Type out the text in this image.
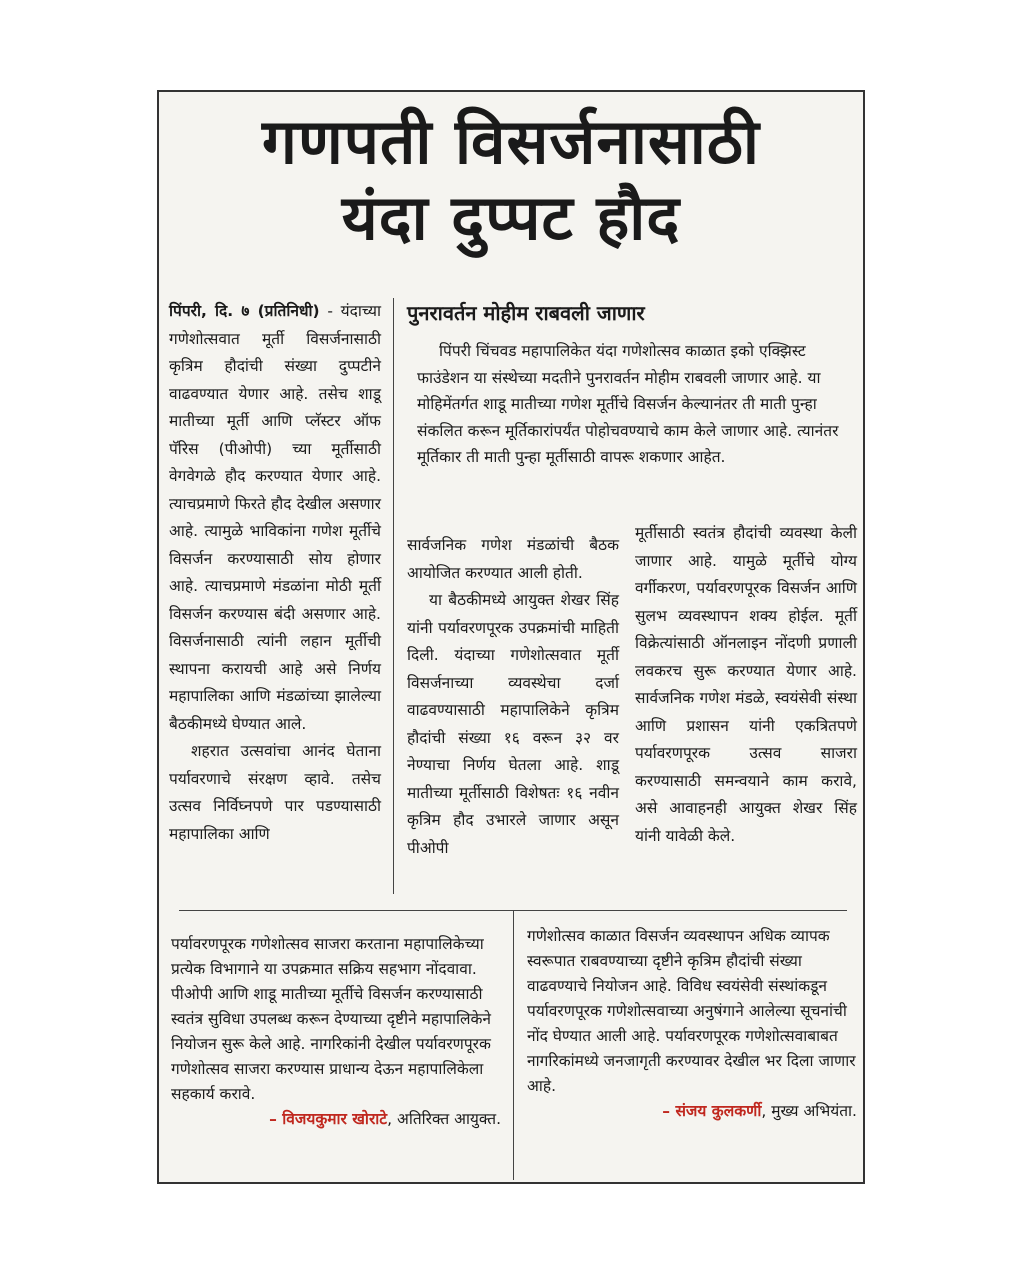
गणपती विसर्जनासाठी
यंदा दुप्पट हौद

पिंपरी, दि. ७ (प्रतिनिधी) - यंदाच्या गणेशोत्सवात मूर्ती विसर्जनासाठी कृत्रिम हौदांची संख्या दुप्पटीने वाढवण्यात येणार आहे. तसेच शाडू मातीच्या मूर्ती आणि प्लॅस्टर ऑफ पॅरिस (पीओपी) च्या मूर्तीसाठी वेगवेगळे हौद करण्यात येणार आहे. त्याचप्रमाणे फिरते हौद देखील असणार आहे. त्यामुळे भाविकांना गणेश मूर्तीचे विसर्जन करण्यासाठी सोय होणार आहे. त्याचप्रमाणे मंडळांना मोठी मूर्ती विसर्जन करण्यास बंदी असणार आहे. विसर्जनासाठी त्यांनी लहान मूर्तीची स्थापना करायची आहे असे निर्णय महापालिका आणि मंडळांच्या झालेल्या बैठकीमध्ये घेण्यात आले.

शहरात उत्सवांचा आनंद घेताना पर्यावरणाचे संरक्षण व्हावे. तसेच उत्सव निर्विघ्नपणे पार पडण्यासाठी महापालिका आणि

पुनरावर्तन मोहीम राबवली जाणार
पिंपरी चिंचवड महापालिकेत यंदा गणेशोत्सव काळात इको एक्झिस्ट फाउंडेशन या संस्थेच्या मदतीने पुनरावर्तन मोहीम राबवली जाणार आहे. या मोहिमेंतर्गत शाडू मातीच्या गणेश मूर्तीचे विसर्जन केल्यानंतर ती माती पुन्हा संकलित करून मूर्तिकारांपर्यंत पोहोचवण्याचे काम केले जाणार आहे. त्यानंतर मूर्तिकार ती माती पुन्हा मूर्तीसाठी वापरू शकणार आहेत.

सार्वजनिक गणेश मंडळांची बैठक आयोजित करण्यात आली होती.

या बैठकीमध्ये आयुक्त शेखर सिंह यांनी पर्यावरणपूरक उपक्रमांची माहिती दिली. यंदाच्या गणेशोत्सवात मूर्ती विसर्जनाच्या व्यवस्थेचा दर्जा वाढवण्यासाठी महापालिकेने कृत्रिम हौदांची संख्या १६ वरून ३२ वर नेण्याचा निर्णय घेतला आहे. शाडू मातीच्या मूर्तीसाठी विशेषतः १६ नवीन कृत्रिम हौद उभारले जाणार असून पीओपी

मूर्तीसाठी स्वतंत्र हौदांची व्यवस्था केली जाणार आहे. यामुळे मूर्तीचे योग्य वर्गीकरण, पर्यावरणपूरक विसर्जन आणि सुलभ व्यवस्थापन शक्य होईल. मूर्ती विक्रेत्यांसाठी ऑनलाइन नोंदणी प्रणाली लवकरच सुरू करण्यात येणार आहे. सार्वजनिक गणेश मंडळे, स्वयंसेवी संस्था आणि प्रशासन यांनी एकत्रितपणे पर्यावरणपूरक उत्सव साजरा करण्यासाठी समन्वयाने काम करावे, असे आवाहनही आयुक्त शेखर सिंह यांनी यावेळी केले.

पर्यावरणपूरक गणेशोत्सव साजरा करताना महापालिकेच्या प्रत्येक विभागाने या उपक्रमात सक्रिय सहभाग नोंदवावा. पीओपी आणि शाडू मातीच्या मूर्तीचे विसर्जन करण्यासाठी स्वतंत्र सुविधा उपलब्ध करून देण्याच्या दृष्टीने महापालिकेने नियोजन सुरू केले आहे. नागरिकांनी देखील पर्यावरणपूरक गणेशोत्सव साजरा करण्यास प्राधान्य देऊन महापालिकेला सहकार्य करावे.
– विजयकुमार खोराटे, अतिरिक्त आयुक्त.
गणेशोत्सव काळात विसर्जन व्यवस्थापन अधिक व्यापक स्वरूपात राबवण्याच्या दृष्टीने कृत्रिम हौदांची संख्या वाढवण्याचे नियोजन आहे. विविध स्वयंसेवी संस्थांकडून पर्यावरणपूरक गणेशोत्सवाच्या अनुषंगाने आलेल्या सूचनांची नोंद घेण्यात आली आहे. पर्यावरणपूरक गणेशोत्सवाबाबत नागरिकांमध्ये जनजागृती करण्यावर देखील भर दिला जाणार आहे.
– संजय कुलकर्णी, मुख्य अभियंता.
